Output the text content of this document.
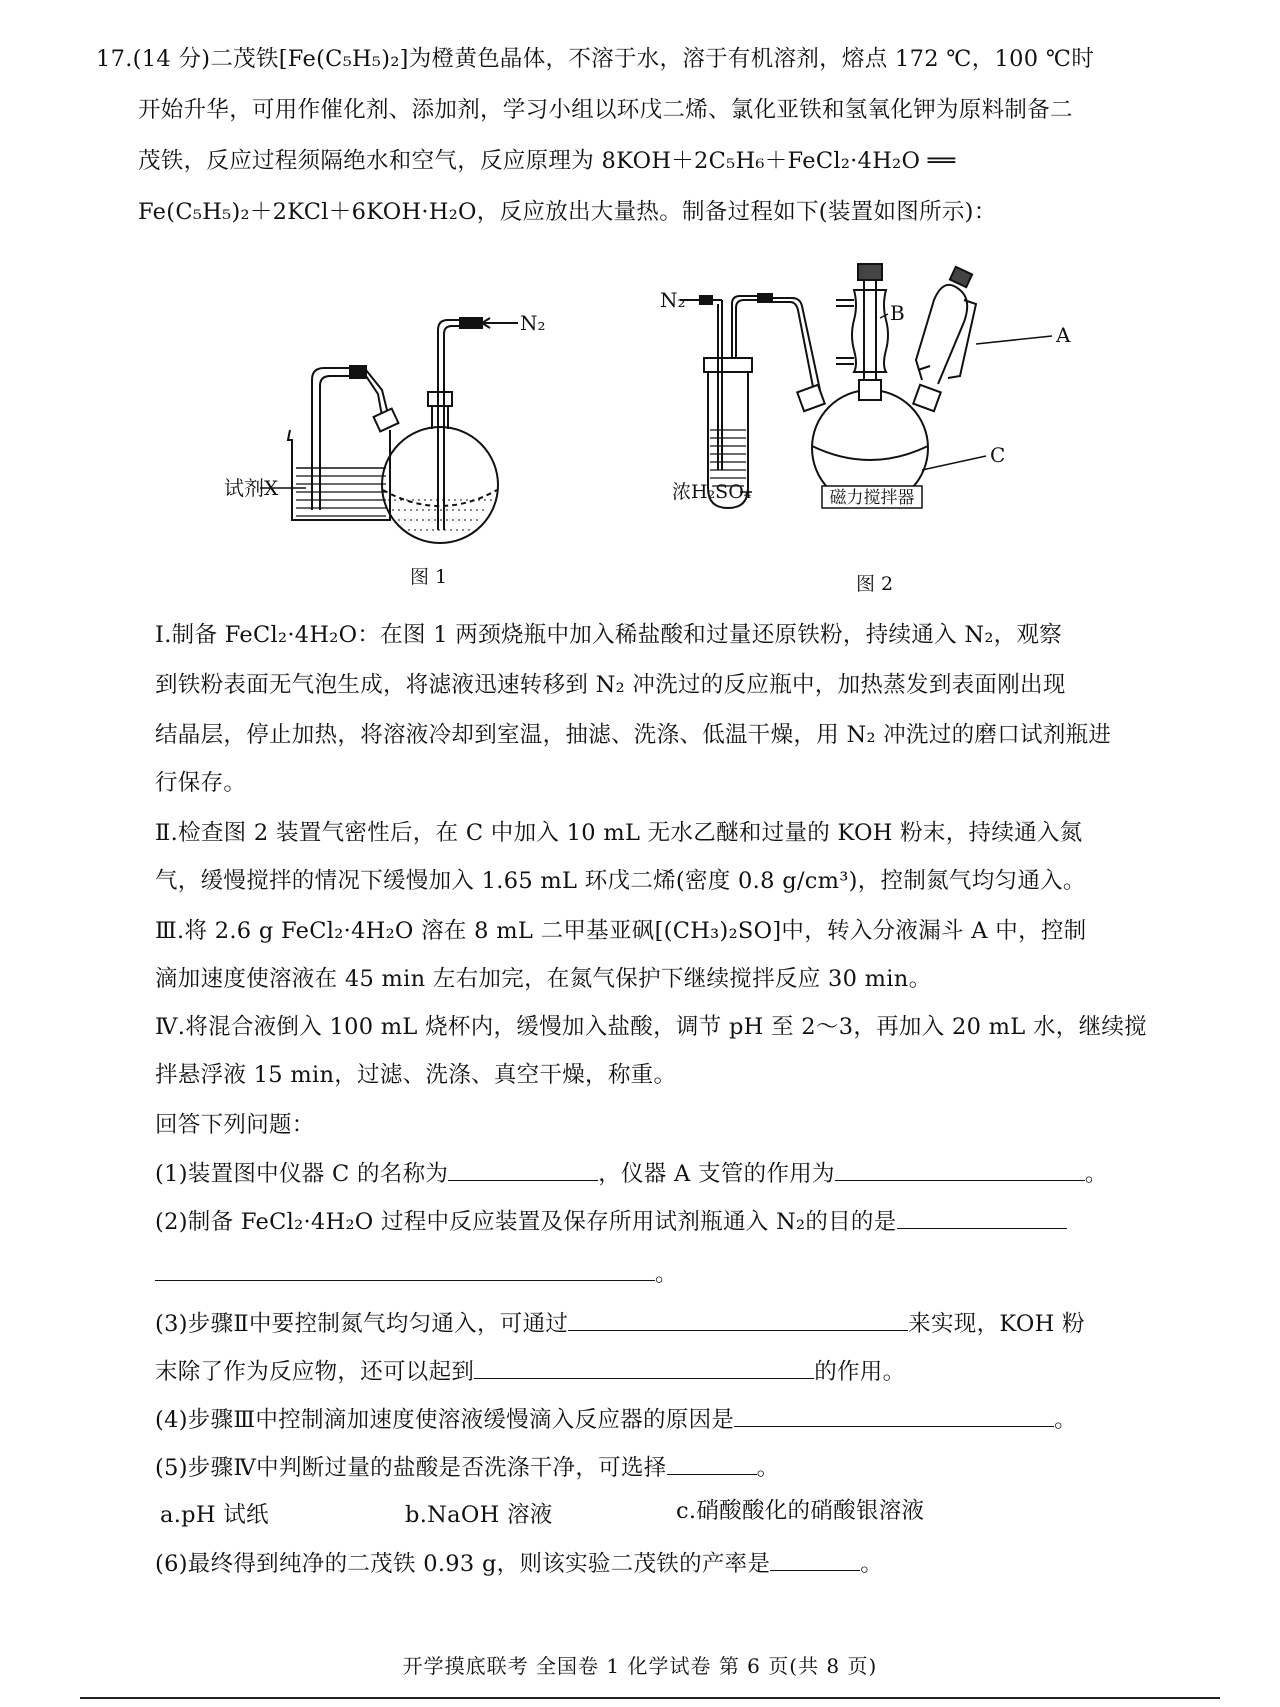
17.(14 分)二茂铁[Fe(C₅H₅)₂]为橙黄色晶体，不溶于水，溶于有机溶剂，熔点 172 ℃，100 ℃时
开始升华，可用作催化剂、添加剂，学习小组以环戊二烯、氯化亚铁和氢氧化钾为原料制备二
茂铁，反应过程须隔绝水和空气，反应原理为 8KOH＋2C₅H₆＋FeCl₂·4H₂O ══
Fe(C₅H₅)₂＋2KCl＋6KOH·H₂O，反应放出大量热。制备过程如下(装置如图所示)：
N₂
试剂X
图 1
磁力搅拌器
N₂
B
A
C
浓H₂SO₄
图 2
Ⅰ.制备 FeCl₂·4H₂O：在图 1 两颈烧瓶中加入稀盐酸和过量还原铁粉，持续通入 N₂，观察
到铁粉表面无气泡生成，将滤液迅速转移到 N₂ 冲洗过的反应瓶中，加热蒸发到表面刚出现
结晶层，停止加热，将溶液冷却到室温，抽滤、洗涤、低温干燥，用 N₂ 冲洗过的磨口试剂瓶进
行保存。
Ⅱ.检查图 2 装置气密性后，在 C 中加入 10 mL 无水乙醚和过量的 KOH 粉末，持续通入氮
气，缓慢搅拌的情况下缓慢加入 1.65 mL 环戊二烯(密度 0.8 g/cm³)，控制氮气均匀通入。
Ⅲ.将 2.6 g FeCl₂·4H₂O 溶在 8 mL 二甲基亚砜[(CH₃)₂SO]中，转入分液漏斗 A 中，控制
滴加速度使溶液在 45 min 左右加完，在氮气保护下继续搅拌反应 30 min。
Ⅳ.将混合液倒入 100 mL 烧杯内，缓慢加入盐酸，调节 pH 至 2～3，再加入 20 mL 水，继续搅
拌悬浮液 15 min，过滤、洗涤、真空干燥，称重。
回答下列问题：
(1)装置图中仪器 C 的名称为	，仪器 A 支管的作用为	。
(2)制备 FeCl₂·4H₂O 过程中反应装置及保存所用试剂瓶通入 N₂的目的是
。
(3)步骤Ⅱ中要控制氮气均匀通入，可通过	来实现，KOH 粉
末除了作为反应物，还可以起到	的作用。
(4)步骤Ⅲ中控制滴加速度使溶液缓慢滴入反应器的原因是	。
(5)步骤Ⅳ中判断过量的盐酸是否洗涤干净，可选择	。
a.pH 试纸	b.NaOH 溶液	c.硝酸酸化的硝酸银溶液
(6)最终得到纯净的二茂铁 0.93 g，则该实验二茂铁的产率是	。
开学摸底联考 全国卷 1 化学试卷 第 6 页(共 8 页)
